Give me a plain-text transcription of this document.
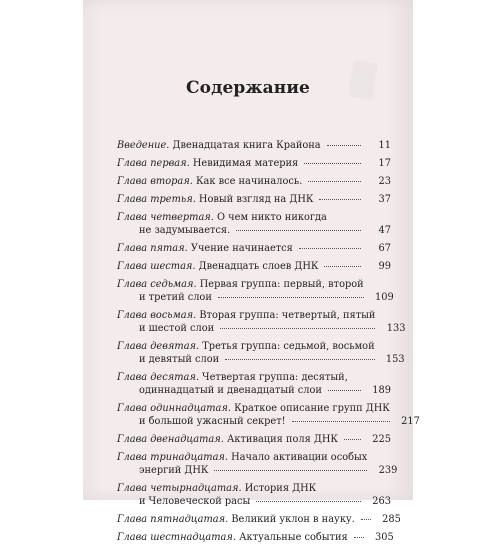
Содержание
Введение. Двенадцатая книга Крайона	11
Глава первая. Невидимая материя	17
Глава вторая. Как все начиналось.	23
Глава третья. Новый взгляд на ДНК	37
Глава четвертая. О чем никто никогда
не задумывается.	47
Глава пятая. Учение начинается	67
Глава шестая. Двенадцать слоев ДНК	99
Глава седьмая. Первая группа: первый, второй
и третий слои	109
Глава восьмая. Вторая группа: четвертый, пятый
и шестой слои	133
Глава девятая. Третья группа: седьмой, восьмой
и девятый слои	153
Глава десятая. Четвертая группа: десятый,
одиннадцатый и двенадцатый слои	189
Глава одиннадцатая. Краткое описание групп ДНК
и большой ужасный секрет!	217
Глава двенадцатая. Активация поля ДНК	225
Глава тринадцатая. Начало активации особых
энергий ДНК	239
Глава четырнадцатая. История ДНК
и Человеческой расы	263
Глава пятнадцатая. Великий уклон в науку.	285
Глава шестнадцатая. Актуальные события	305
